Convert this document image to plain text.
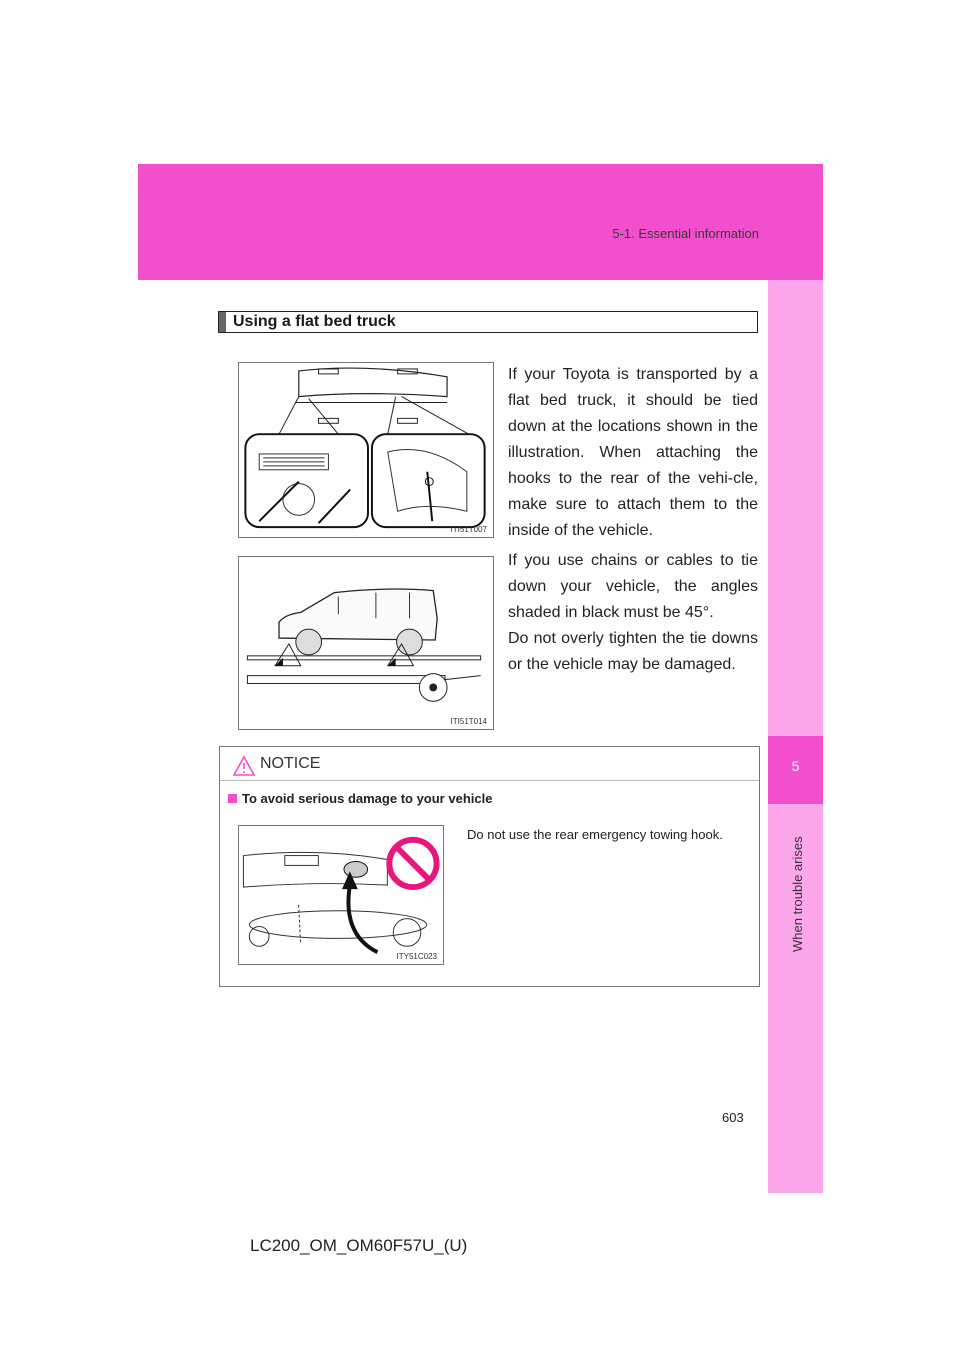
5-1. Essential information
5
When trouble arises
Using a flat bed truck
ITI51T007
If your Toyota is transported by a flat bed truck, it should be tied down at the locations shown in the illustration. When attaching the hooks to the rear of the vehi-cle, make sure to attach them to the inside of the vehicle.
ITI51T014
If you use chains or cables to tie down your vehicle, the angles shaded in black must be 45°.
Do not overly tighten the tie downs or the vehicle may be damaged.
NOTICE
To avoid serious damage to your vehicle
ITY51C023
Do not use the rear emergency towing hook.
603
LC200_OM_OM60F57U_(U)
